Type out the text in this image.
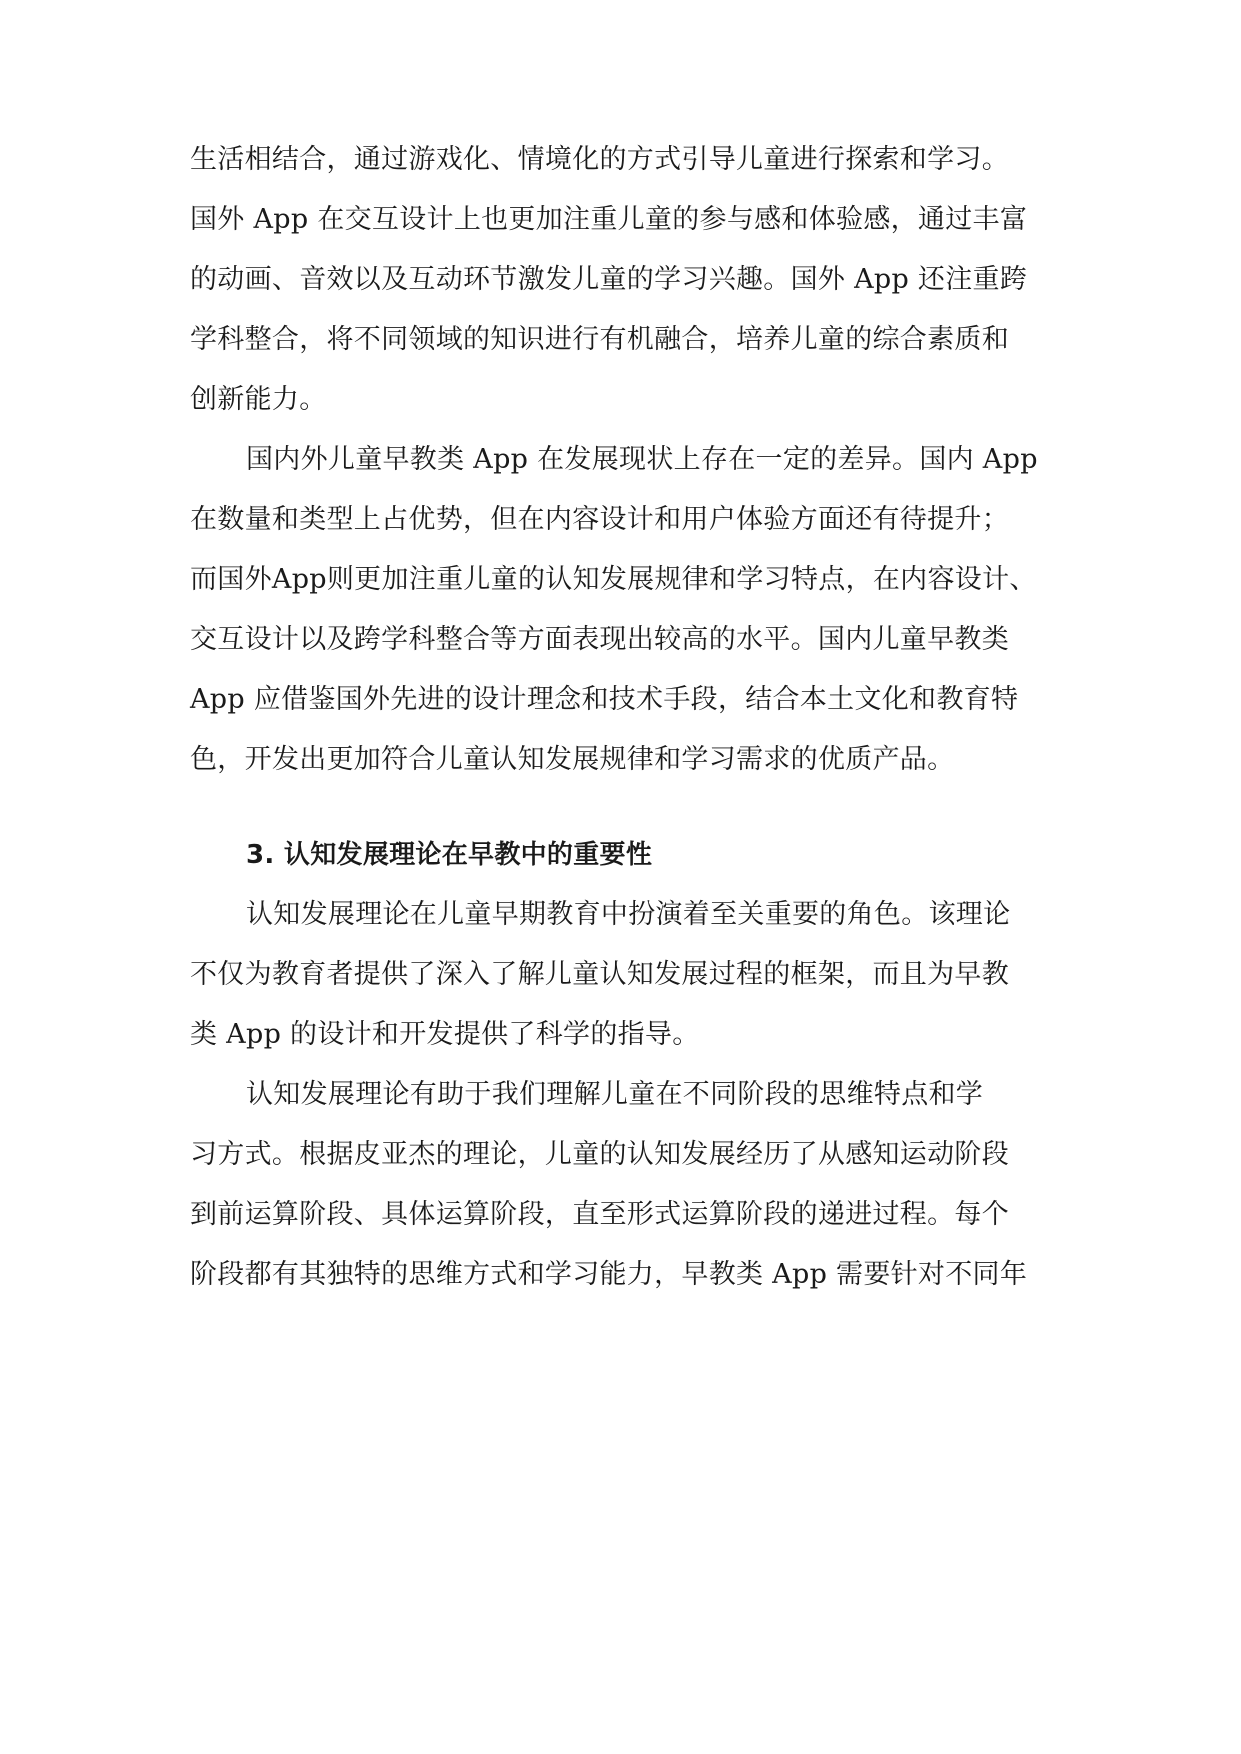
生活相结合，通过游戏化、情境化的方式引导儿童进行探索和学习。
国外 App 在交互设计上也更加注重儿童的参与感和体验感，通过丰富
的动画、音效以及互动环节激发儿童的学习兴趣。国外 App 还注重跨
学科整合，将不同领域的知识进行有机融合，培养儿童的综合素质和
创新能力。
国内外儿童早教类 App 在发展现状上存在一定的差异。国内 App
在数量和类型上占优势，但在内容设计和用户体验方面还有待提升；
而国外App则更加注重儿童的认知发展规律和学习特点，在内容设计、
交互设计以及跨学科整合等方面表现出较高的水平。国内儿童早教类
App 应借鉴国外先进的设计理念和技术手段，结合本土文化和教育特
色，开发出更加符合儿童认知发展规律和学习需求的优质产品。
3. 认知发展理论在早教中的重要性
认知发展理论在儿童早期教育中扮演着至关重要的角色。该理论
不仅为教育者提供了深入了解儿童认知发展过程的框架，而且为早教
类 App 的设计和开发提供了科学的指导。
认知发展理论有助于我们理解儿童在不同阶段的思维特点和学
习方式。根据皮亚杰的理论，儿童的认知发展经历了从感知运动阶段
到前运算阶段、具体运算阶段，直至形式运算阶段的递进过程。每个
阶段都有其独特的思维方式和学习能力，早教类 App 需要针对不同年
